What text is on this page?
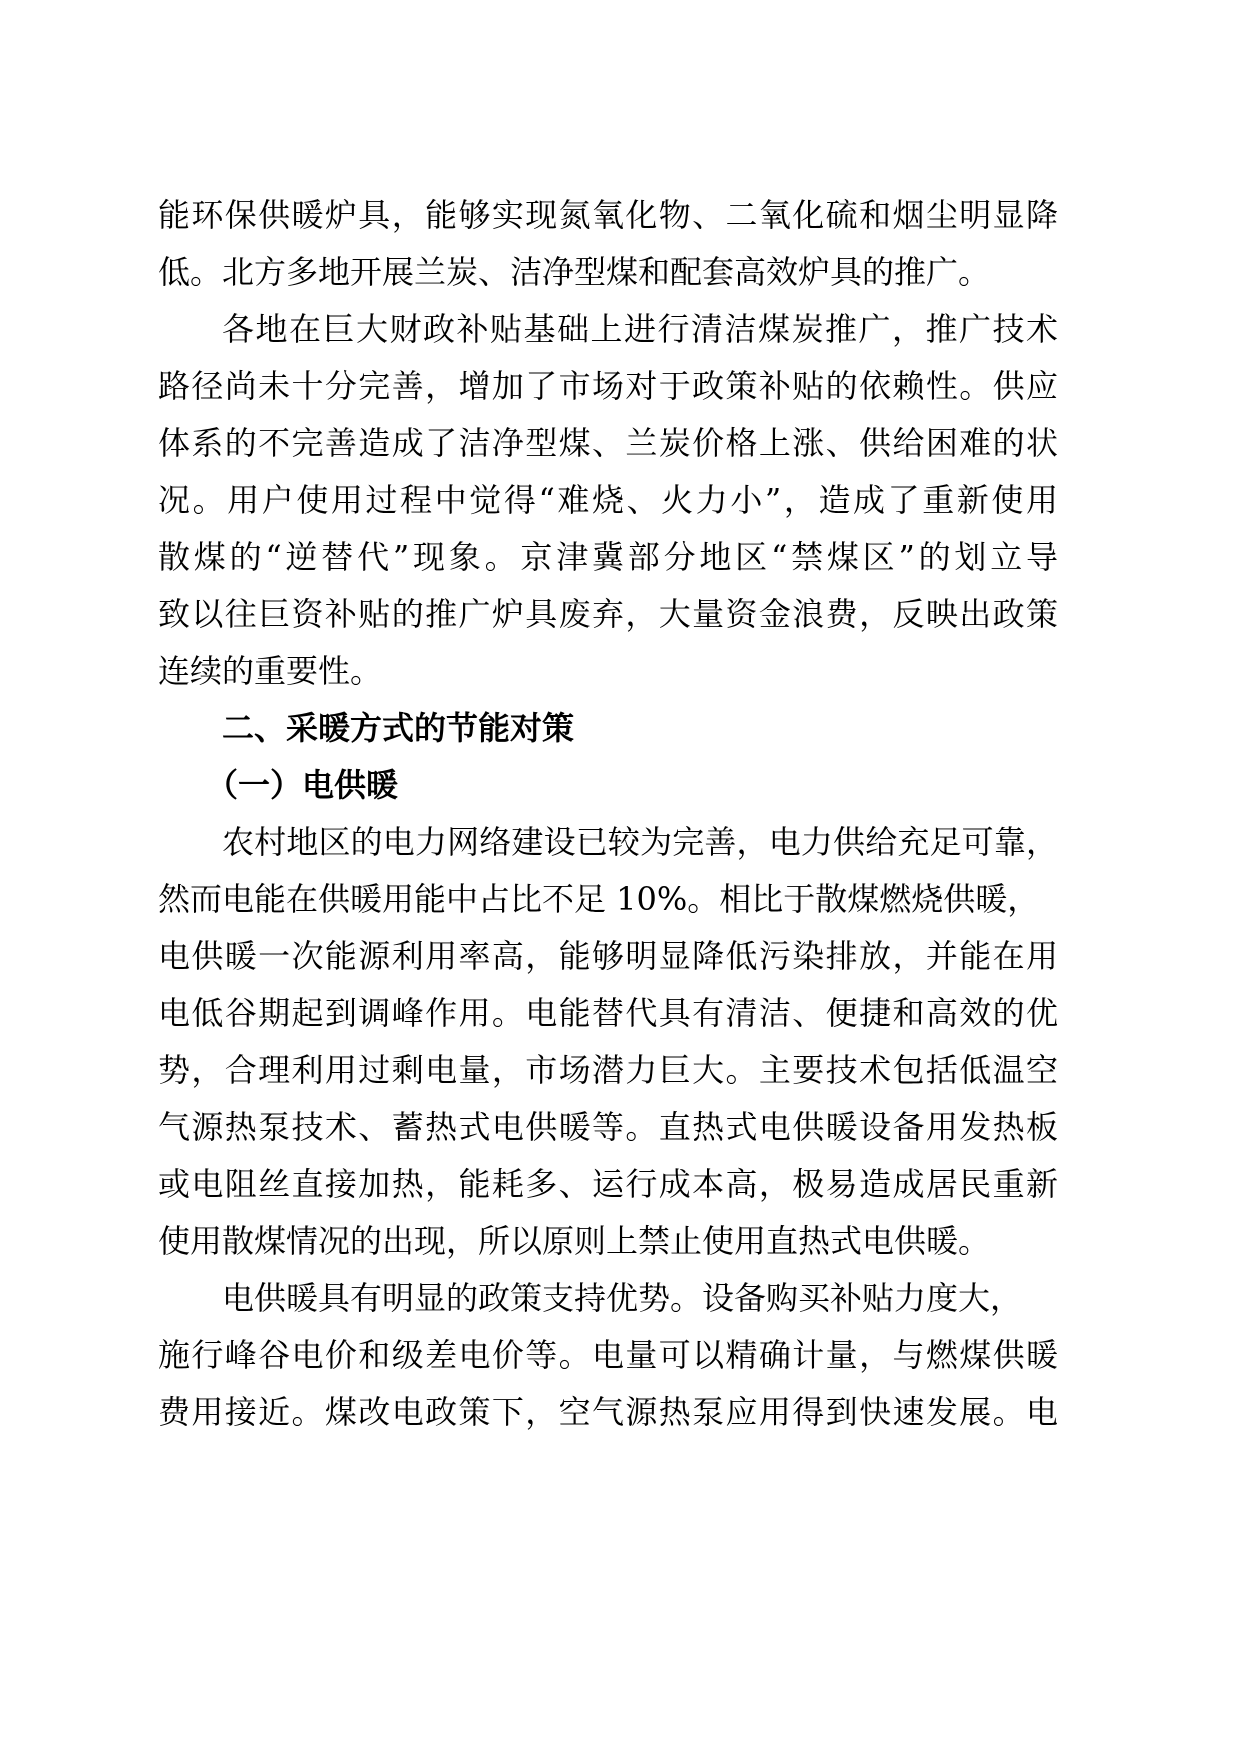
能环保供暖炉具，能够实现氮氧化物、二氧化硫和烟尘明显降
低。北方多地开展兰炭、洁净型煤和配套高效炉具的推广。
各地在巨大财政补贴基础上进行清洁煤炭推广，推广技术
路径尚未十分完善，增加了市场对于政策补贴的依赖性。供应
体系的不完善造成了洁净型煤、兰炭价格上涨、供给困难的状
况。用户使用过程中觉得“难烧、火力小”，造成了重新使用
散煤的“逆替代”现象。京津冀部分地区“禁煤区”的划立导
致以往巨资补贴的推广炉具废弃，大量资金浪费，反映出政策
连续的重要性。
二、采暖方式的节能对策
（一）电供暖
农村地区的电力网络建设已较为完善，电力供给充足可靠，
然而电能在供暖用能中占比不足 10%。相比于散煤燃烧供暖，
电供暖一次能源利用率高，能够明显降低污染排放，并能在用
电低谷期起到调峰作用。电能替代具有清洁、便捷和高效的优
势，合理利用过剩电量，市场潜力巨大。主要技术包括低温空
气源热泵技术、蓄热式电供暖等。直热式电供暖设备用发热板
或电阻丝直接加热，能耗多、运行成本高，极易造成居民重新
使用散煤情况的出现，所以原则上禁止使用直热式电供暖。
电供暖具有明显的政策支持优势。设备购买补贴力度大，
施行峰谷电价和级差电价等。电量可以精确计量，与燃煤供暖
费用接近。煤改电政策下，空气源热泵应用得到快速发展。电
